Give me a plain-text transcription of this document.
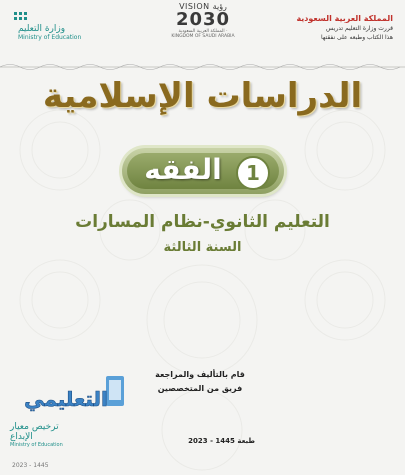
وزارة التعليم
Ministry of Education
VISION رؤية
2030
المملكة العربية السعودية · KINGDOM OF SAUDI ARABIA
المملكة العربية السعودية
قررت وزارة التعليم تدريس
هذا الكتاب وطبعه على نفقتها
الدراسات الإسلامية
الفقه	1
التعليم الثانوي-نظام المسارات
السنة الثالثة
قام بالتأليف والمراجعة
فريق من المتخصصين
التعليمي
ترخيص معيار الإبداع
Ministry of Education	طبعة 1445 - 2023
2023 - 1445
